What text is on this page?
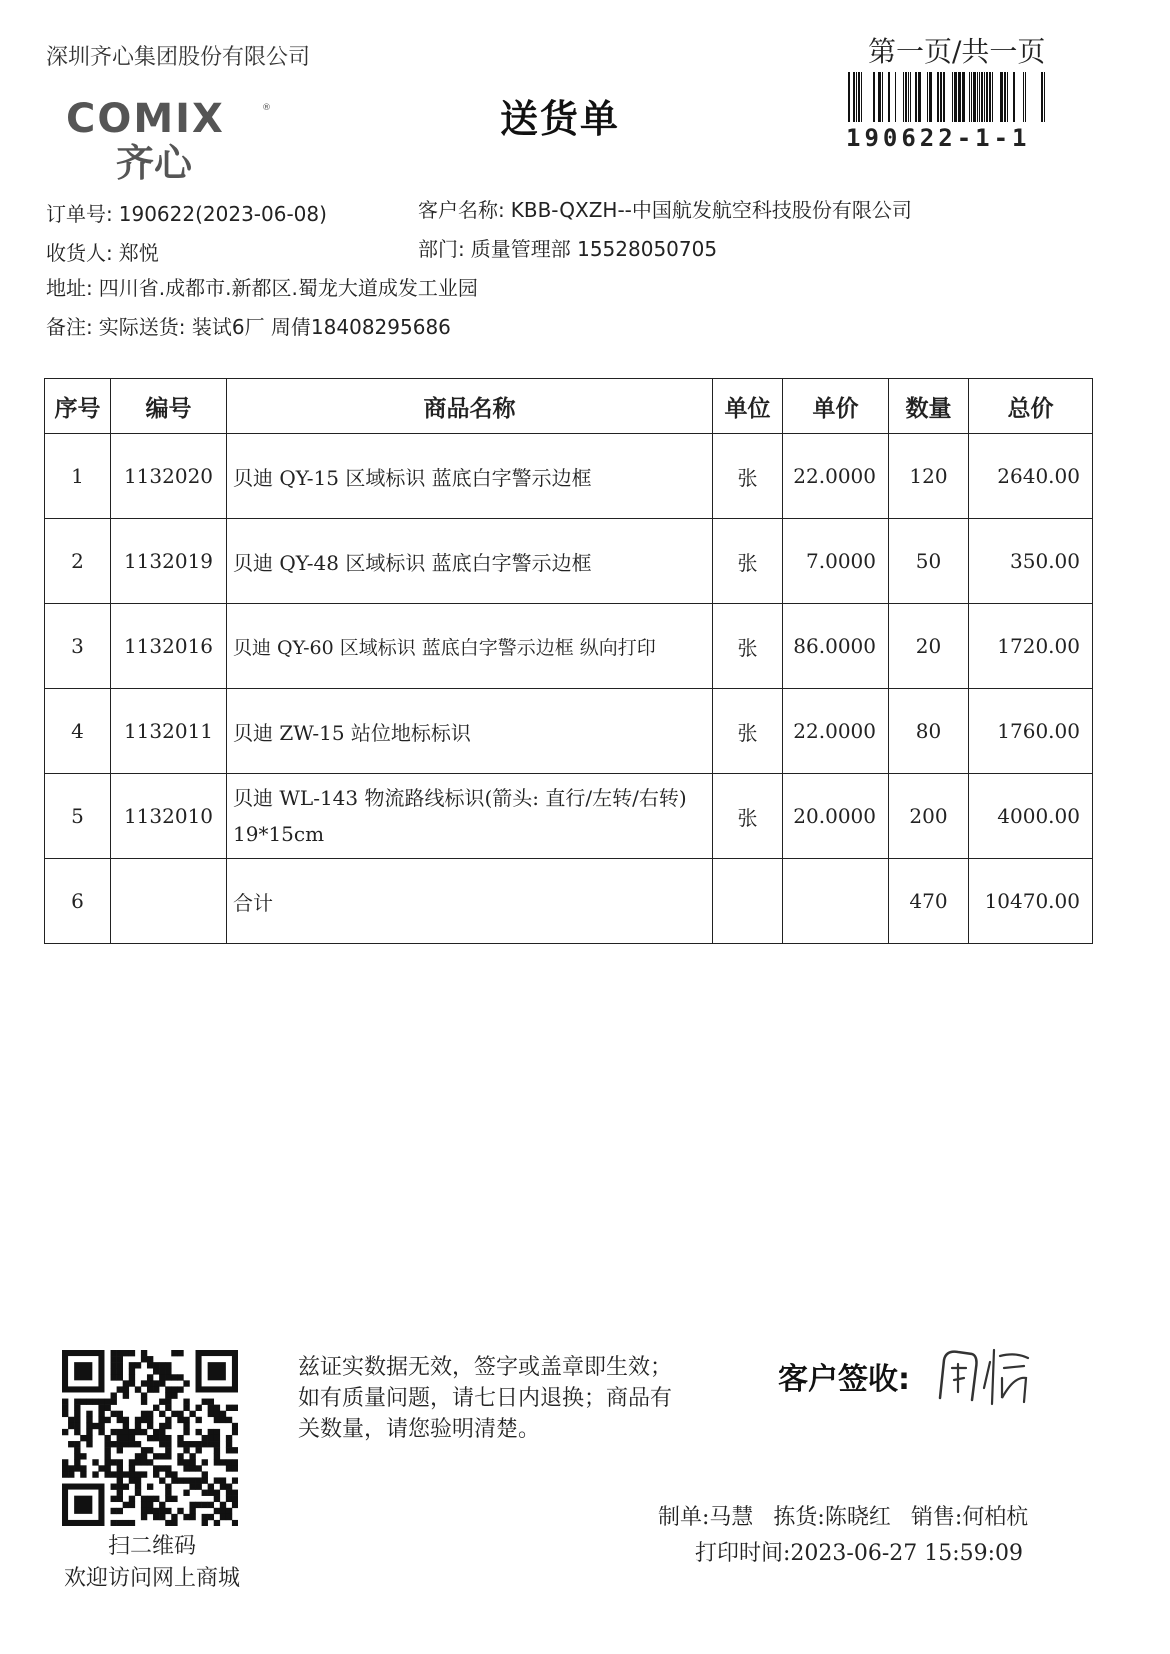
深圳齐心集团股份有限公司
COMIX	®
齐心
送货单
第一页/共一页
190622-1-1
订单号: 190622(2023-06-08)	客户名称: KBB-QXZH--中国航发航空科技股份有限公司
收货人: 郑悦	部门: 质量管理部 15528050705
地址: 四川省.成都市.新都区.蜀龙大道成发工业园
备注: 实际送货: 装试6厂 周倩18408295686
序号	编号	商品名称	单位	单价	数量	总价
1	1132020	贝迪 QY-15 区域标识 蓝底白字警示边框	张	22.0000	120	2640.00
2	1132019	贝迪 QY-48 区域标识 蓝底白字警示边框	张	7.0000	50	350.00
3	1132016	贝迪 QY-60 区域标识 蓝底白字警示边框 纵向打印	张	86.0000	20	1720.00
4	1132011	贝迪 ZW-15 站位地标标识	张	22.0000	80	1760.00
5	1132010	贝迪 WL-143 物流路线标识(箭头: 直行/左转/右转) 19*15cm	张	20.0000	200	4000.00
6		合计			470	10470.00
扫二维码
欢迎访问网上商城
兹证实数据无效，签字或盖章即生效；如有质量问题，请七日内退换；商品有关数量，请您验明清楚。
客户签收:
制单:马慧 拣货:陈晓红 销售:何柏杭
打印时间:2023-06-27 15:59:09
